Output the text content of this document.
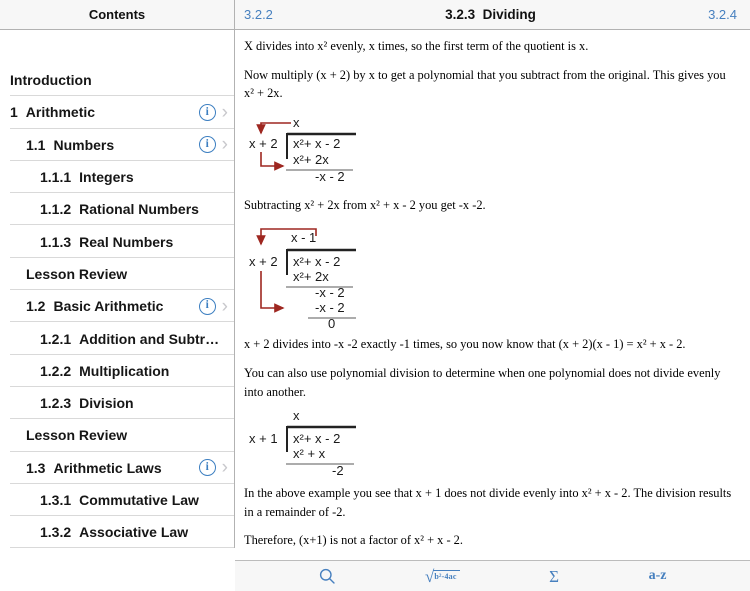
Contents	3.2.2	3.2.3  Dividing	3.2.4
Introduction
1 Arithmetic	i ›
1.1 Numbers	i ›
1.1.1 Integers
1.1.2 Rational Numbers
1.1.3 Real Numbers
Lesson Review
1.2 Basic Arithmetic	i ›
1.2.1 Addition and Subtr…
1.2.2 Multiplication
1.2.3 Division
Lesson Review
1.3 Arithmetic Laws	i ›
1.3.1 Commutative Law
1.3.2 Associative Law

X divides into x² evenly, x times, so the first term of the quotient is x.

Now multiply (x + 2) by x to get a polynomial that you subtract from the original. This gives you x² + 2x.

x
x + 2 x²+ x - 2
x²+ 2x
-x - 2

Subtracting x² + 2x from x² + x - 2 you get -x -2.

x - 1
x + 2 x²+ x - 2
x²+ 2x
-x - 2
-x - 2
0

x + 2 divides into -x -2 exactly -1 times, so you now know that (x + 2)(x - 1) = x² + x - 2.

You can also use polynomial division to determine when one polynomial does not divide evenly into another.

x
x + 1 x²+ x - 2
x² + x
-2

In the above example you see that x + 1 does not divide evenly into x² + x - 2. The division results in a remainder of -2.

Therefore, (x+1) is not a factor of x² + x - 2.

√ b²-4ac	Σ	a-z
